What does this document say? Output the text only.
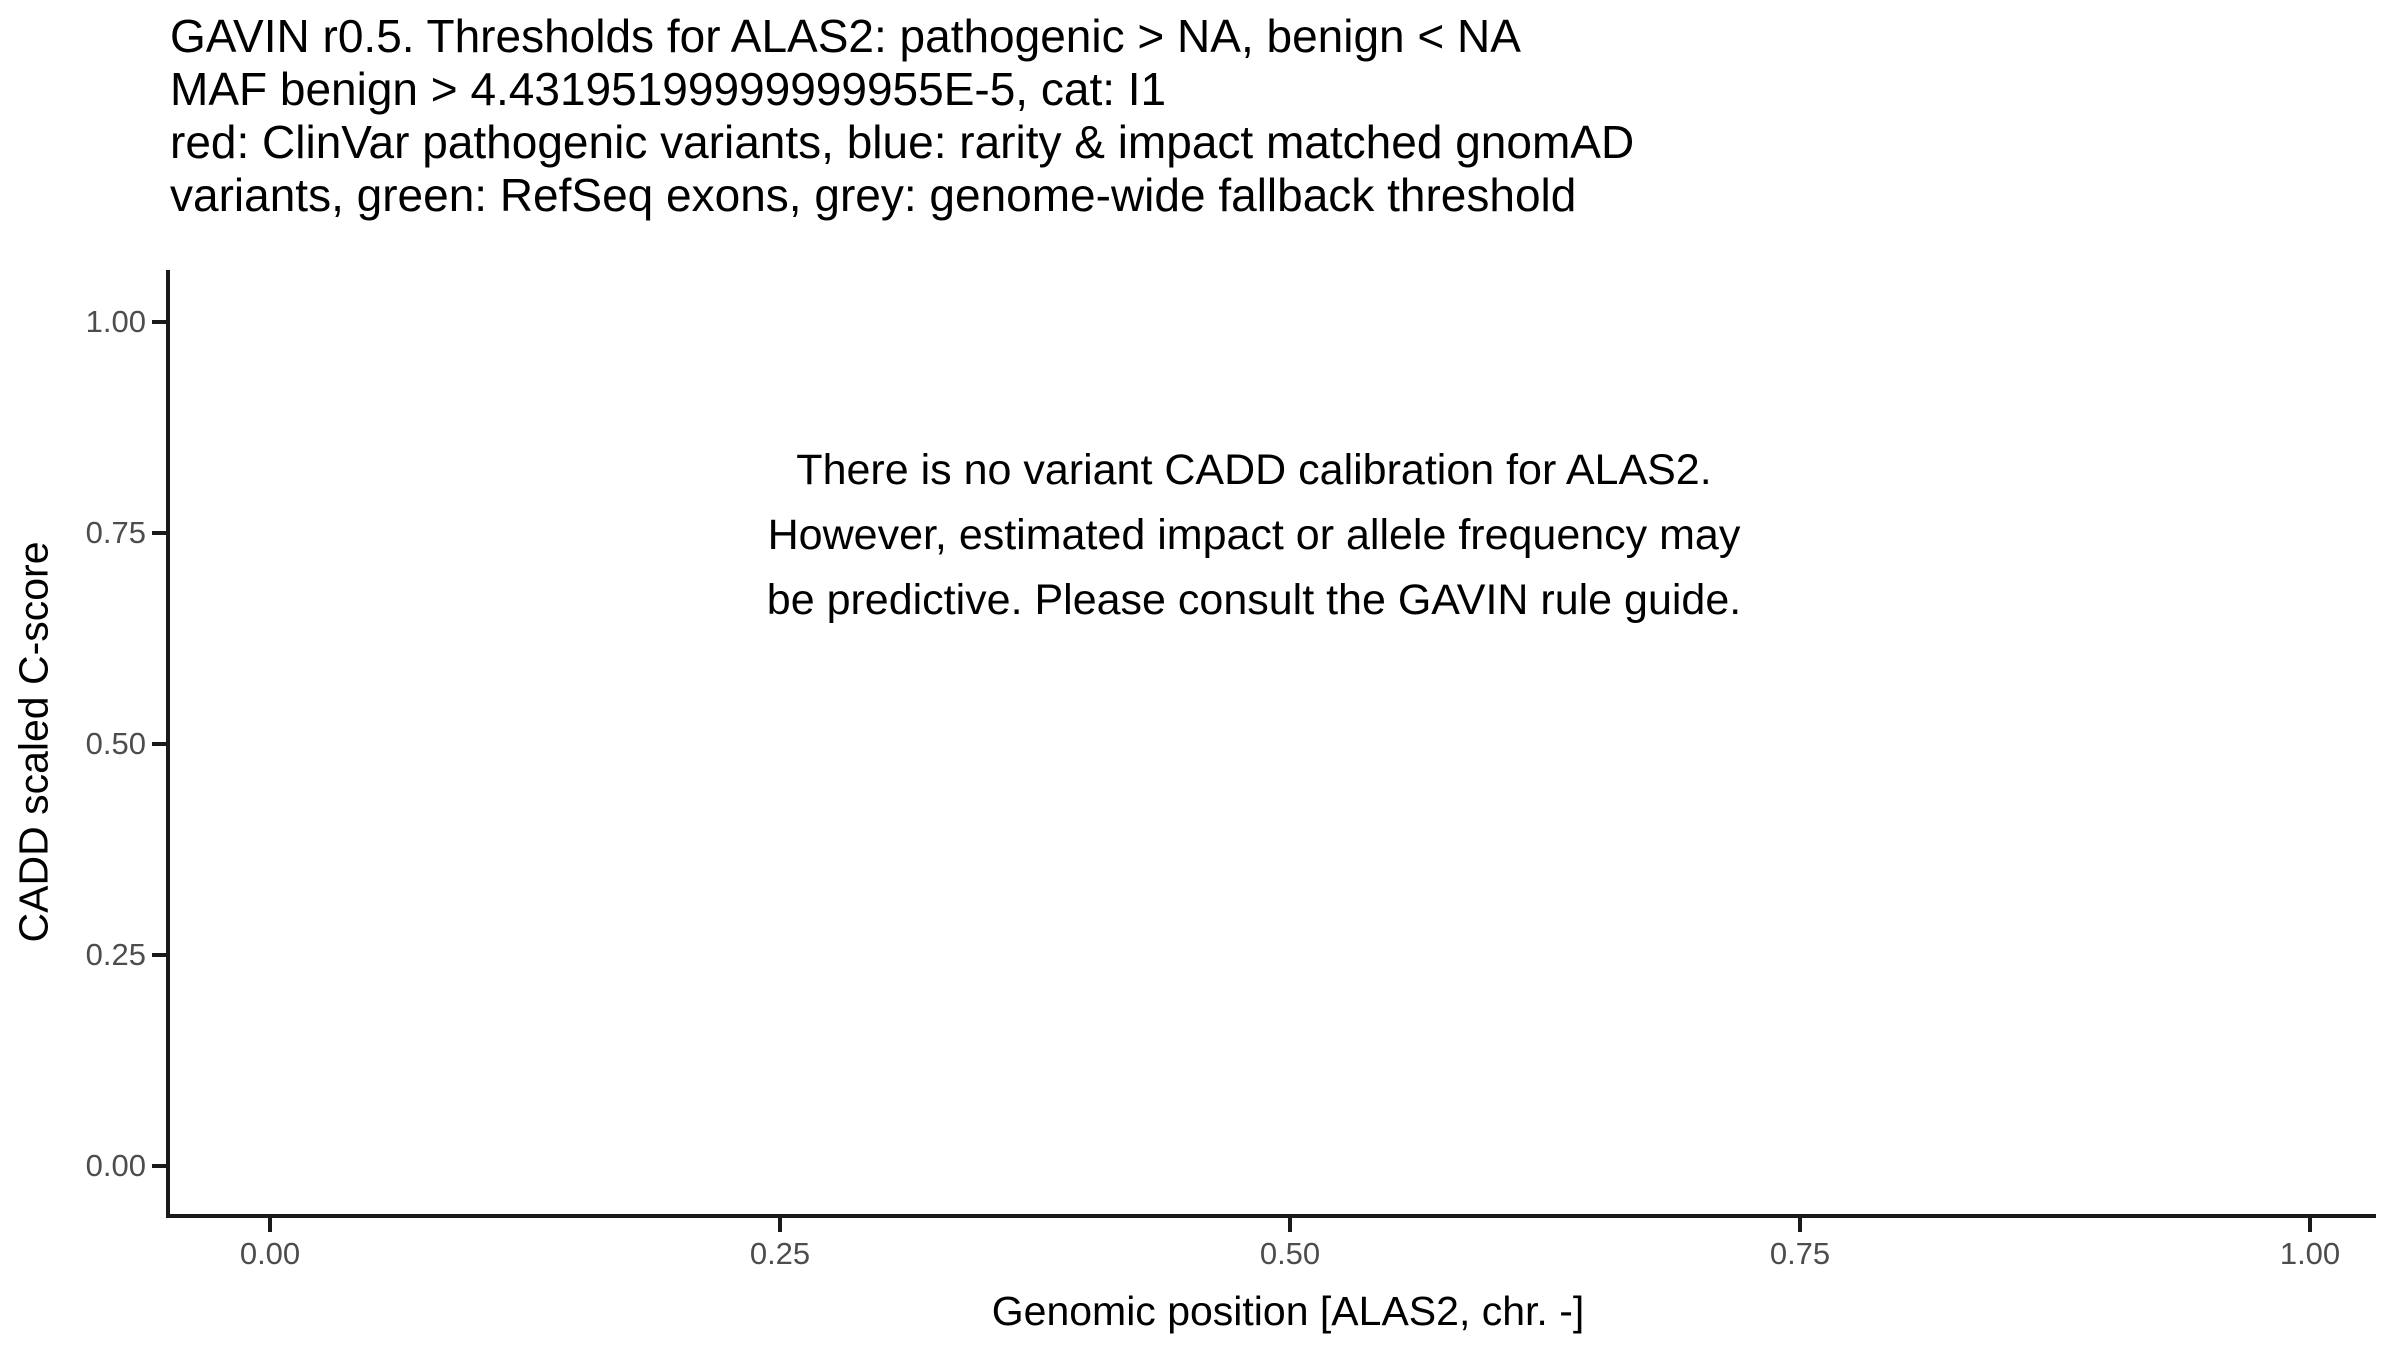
GAVIN r0.5. Thresholds for ALAS2: pathogenic > NA, benign < NA
MAF benign > 4.43195199999999955E-5, cat: I1
red: ClinVar pathogenic variants, blue: rarity & impact matched gnomAD
variants, green: RefSeq exons, grey: genome-wide fallback threshold
CADD scaled C-score
There is no variant CADD calibration for ALAS2.
However, estimated impact or allele frequency may
be predictive. Please consult the GAVIN rule guide.
1.00
0.75
0.50
0.25
0.00
0.00	0.25	0.50	0.75	1.00
Genomic position [ALAS2, chr. -]
